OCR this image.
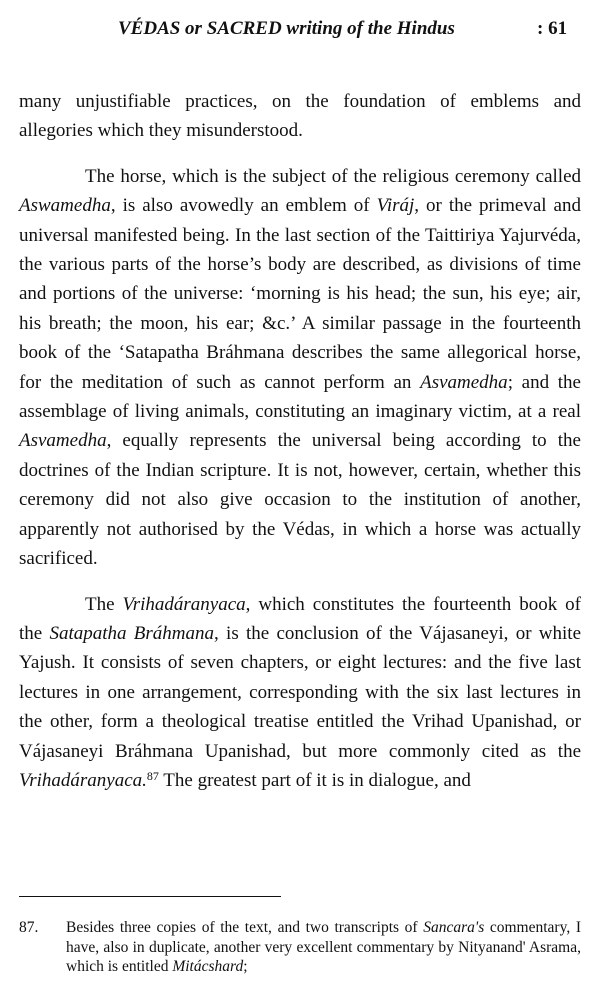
VÉDAS or SACRED writing of the Hindus	: 61

many unjustifiable practices, on the foundation of emblems and allegories which they misunderstood.

The horse, which is the subject of the religious ceremony called Aswamedha, is also avowedly an emblem of Viráj, or the primeval and universal manifested being. In the last section of the Taittiriya Yajurvéda, the various parts of the horse’s body are described, as divisions of time and portions of the universe: ‘morning is his head; the sun, his eye; air, his breath; the moon, his ear; &c.’ A similar passage in the fourteenth book of the ‘Satapatha Bráhmana describes the same allegorical horse, for the meditation of such as cannot perform an Asvamedha; and the assemblage of living animals, constituting an imaginary victim, at a real Asvamedha, equally represents the universal being according to the doctrines of the Indian scripture. It is not, however, certain, whether this ceremony did not also give occasion to the institution of another, apparently not authorised by the Védas, in which a horse was actually sacrificed.

The Vrihadáranyaca, which constitutes the fourteenth book of the Satapatha Bráhmana, is the conclusion of the Vájasaneyi, or white Yajush. It consists of seven chapters, or eight lectures: and the five last lectures in one arrangement, corresponding with the six last lectures in the other, form a theological treatise entitled the Vrihad Upanishad, or Vájasaneyi Bráhmana Upanishad, but more commonly cited as the Vrihadáranyaca.$^{87}$ The greatest part of it is in dialogue, and

87. Besides three copies of the text, and two transcripts of Sancara's commentary, I have, also in duplicate, another very excellent commentary by Nityanand' Asrama, which is entitled Mitácshard;
